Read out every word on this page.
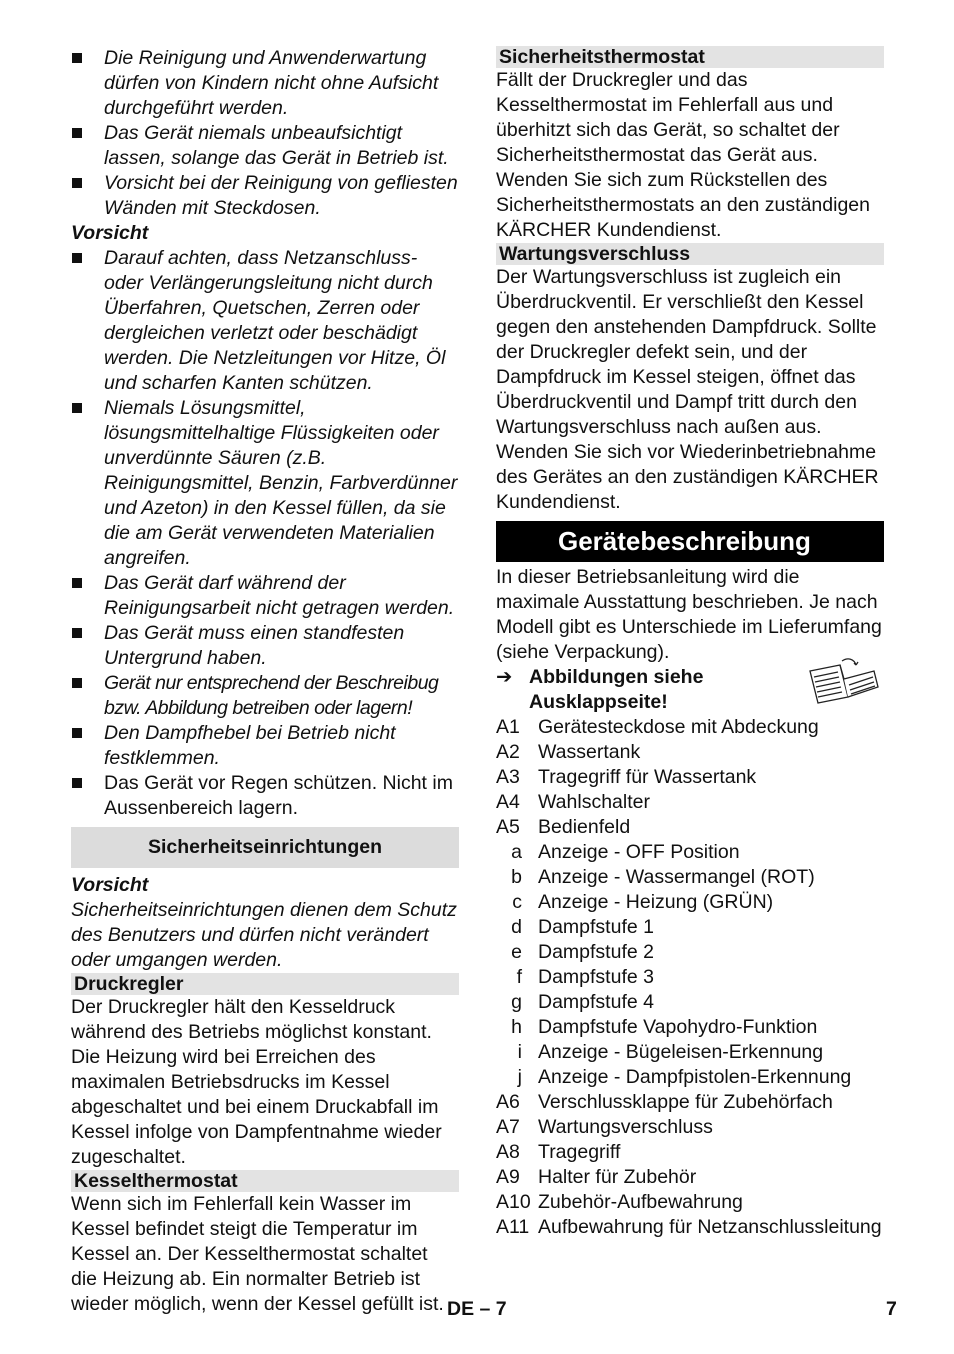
Die Reinigung und Anwenderwartung dürfen von Kindern nicht ohne Aufsicht durchgeführt werden.
Das Gerät niemals unbeaufsichtigt lassen, solange das Gerät in Betrieb ist.
Vorsicht bei der Reinigung von gefliesten Wänden mit Steckdosen.

Vorsicht

Darauf achten, dass Netzanschluss- oder Verlängerungsleitung nicht durch Überfahren, Quetschen, Zerren oder dergleichen verletzt oder beschädigt werden. Die Netzleitungen vor Hitze, Öl und scharfen Kanten schützen.
Niemals Lösungsmittel, lösungsmittelhaltige Flüssigkeiten oder unverdünnte Säuren (z.B. Reinigungsmittel, Benzin, Farbverdünner und Azeton) in den Kessel füllen, da sie die am Gerät verwendeten Materialien angreifen.
Das Gerät darf während der Reinigungsarbeit nicht getragen werden.
Das Gerät muss einen standfesten Untergrund haben.
Gerät nur entsprechend der Beschreibug bzw. Abbildung betreiben oder lagern!
Den Dampfhebel bei Betrieb nicht festklemmen.
Das Gerät vor Regen schützen. Nicht im Aussenbereich lagern.
Sicherheitseinrichtungen

Vorsicht

Sicherheitseinrichtungen dienen dem Schutz des Benutzers und dürfen nicht verändert oder umgangen werden.

Druckregler

Der Druckregler hält den Kesseldruck während des Betriebs möglichst konstant. Die Heizung wird bei Erreichen des maximalen Betriebsdrucks im Kessel abgeschaltet und bei einem Druckabfall im Kessel infolge von Dampfentnahme wieder zugeschaltet.

Kesselthermostat

Wenn sich im Fehlerfall kein Wasser im Kessel befindet steigt die Temperatur im Kessel an. Der Kesselthermostat schaltet die Heizung ab. Ein normalter Betrieb ist wieder möglich, wenn der Kessel gefüllt ist.

Sicherheitsthermostat

Fällt der Druckregler und das Kesselthermostat im Fehlerfall aus und überhitzt sich das Gerät, so schaltet der Sicherheitsthermostat das Gerät aus. Wenden Sie sich zum Rückstellen des Sicherheitsthermostats an den zuständigen KÄRCHER Kundendienst.

Wartungsverschluss

Der Wartungsverschluss ist zugleich ein Überdruckventil. Er verschließt den Kessel gegen den anstehenden Dampfdruck. Sollte der Druckregler defekt sein, und der Dampfdruck im Kessel steigen, öffnet das Überdruckventil und Dampf tritt durch den Wartungsverschluss nach außen aus. Wenden Sie sich vor Wiederinbetriebnahme des Gerätes an den zuständigen KÄRCHER Kundendienst.

Gerätebeschreibung

In dieser Betriebsanleitung wird die maximale Ausstattung beschrieben. Je nach Modell gibt es Unterschiede im Lieferumfang (siehe Verpackung).

➔ Abbildungen siehe Ausklappseite!
A1 Gerätesteckdose mit Abdeckung
A2 Wassertank
A3 Tragegriff für Wassertank
A4 Wahlschalter
A5 Bedienfeld
a Anzeige - OFF Position
b Anzeige - Wassermangel (ROT)
c Anzeige - Heizung (GRÜN)
d Dampfstufe 1
e Dampfstufe 2
f Dampfstufe 3
g Dampfstufe 4
h Dampfstufe Vapohydro-Funktion
i Anzeige - Bügeleisen-Erkennung
j Anzeige - Dampfpistolen-Erkennung
A6 Verschlussklappe für Zubehörfach
A7 Wartungsverschluss
A8 Tragegriff
A9 Halter für Zubehör
A10 Zubehör-Aufbewahrung
A11 Aufbewahrung für Netzanschlussleitung
DE – 7	7
